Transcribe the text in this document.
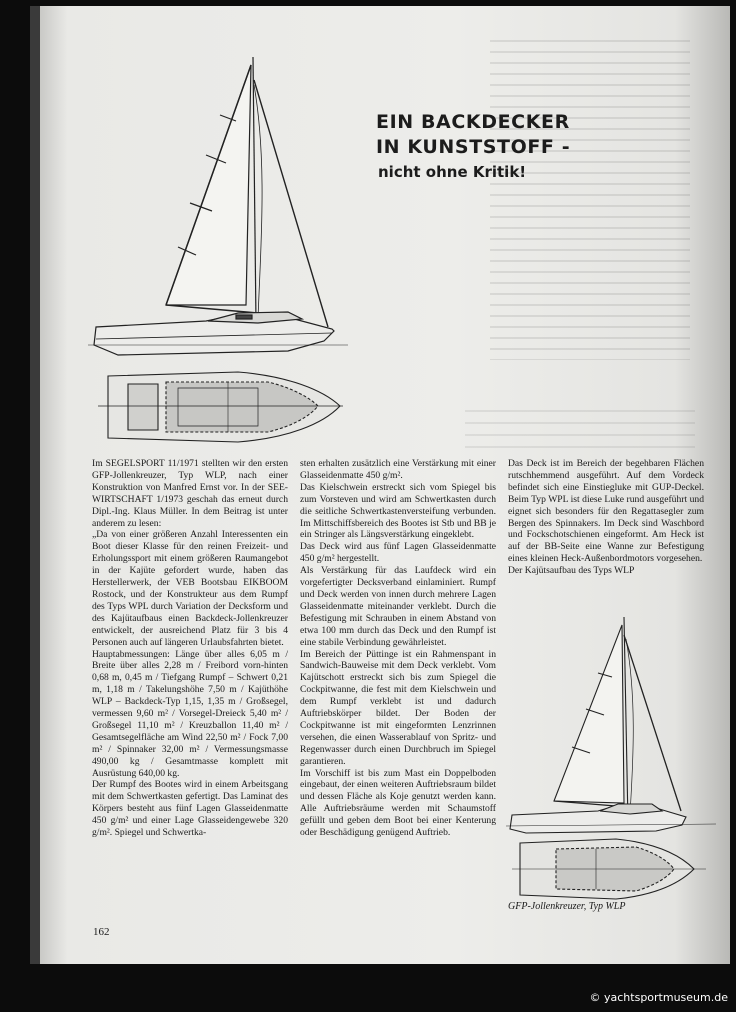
EIN BACKDECKER
IN KUNSTSTOFF -
nicht ohne Kritik!

Im SEGELSPORT 11/1971 stellten wir den ersten GFP-Jollenkreuzer, Typ WLP, nach einer Konstruktion von Manfred Ernst vor. In der SEE-WIRTSCHAFT 1/1973 geschah das erneut durch Dipl.-Ing. Klaus Müller. In dem Beitrag ist unter anderem zu lesen:

„Da von einer größeren Anzahl Interessenten ein Boot dieser Klasse für den reinen Freizeit- und Erholungssport mit einem größeren Raumangebot in der Kajüte gefordert wurde, haben das Herstellerwerk, der VEB Bootsbau EIKBOOM Rostock, und der Konstrukteur aus dem Rumpf des Typs WPL durch Variation der Decksform und des Kajütaufbaus einen Backdeck-Jollenkreuzer entwickelt, der ausreichend Platz für 3 bis 4 Personen auch auf längeren Urlaubsfahrten bietet.

Hauptabmessungen: Länge über alles 6,05 m / Breite über alles 2,28 m / Freibord vorn-hinten 0,68 m, 0,45 m / Tiefgang Rumpf – Schwert 0,21 m, 1,18 m / Takelungshöhe 7,50 m / Kajüthöhe WLP – Backdeck-Typ 1,15, 1,35 m / Großsegel, vermessen 9,60 m² / Vorsegel-Dreieck 5,40 m² / Großsegel 11,10 m² / Kreuzballon 11,40 m² / Gesamtsegelfläche am Wind 22,50 m² / Fock 7,00 m² / Spinnaker 32,00 m² / Vermessungsmasse 490,00 kg / Gesamtmasse komplett mit Ausrüstung 640,00 kg.

Der Rumpf des Bootes wird in einem Arbeitsgang mit dem Schwertkasten gefertigt. Das Laminat des Körpers besteht aus fünf Lagen Glasseidenmatte 450 g/m² und einer Lage Glasseidengewebe 320 g/m². Spiegel und Schwertka-

sten erhalten zusätzlich eine Verstärkung mit einer Glasseidenmatte 450 g/m².

Das Kielschwein erstreckt sich vom Spiegel bis zum Vorsteven und wird am Schwertkasten durch die seitliche Schwertkastenversteifung verbunden. Im Mittschiffsbereich des Bootes ist Stb und BB je ein Stringer als Längsverstärkung eingeklebt.

Das Deck wird aus fünf Lagen Glasseidenmatte 450 g/m² hergestellt.

Als Verstärkung für das Laufdeck wird ein vorgefertigter Decksverband einlaminiert. Rumpf und Deck werden von innen durch mehrere Lagen Glasseidenmatte miteinander verklebt. Durch die Befestigung mit Schrauben in einem Abstand von etwa 100 mm durch das Deck und den Rumpf ist eine stabile Verbindung gewährleistet.

Im Bereich der Püttinge ist ein Rahmenspant in Sandwich-Bauweise mit dem Deck verklebt. Vom Kajütschott erstreckt sich bis zum Spiegel die Cockpitwanne, die fest mit dem Kielschwein und dem Rumpf verklebt ist und dadurch Auftriebskörper bildet. Der Boden der Cockpitwanne ist mit eingeformten Lenzrinnen versehen, die einen Wasserablauf von Spritz- und Regenwasser durch einen Durchbruch im Spiegel garantieren.

Im Vorschiff ist bis zum Mast ein Doppelboden eingebaut, der einen weiteren Auftriebsraum bildet und dessen Fläche als Koje genutzt werden kann. Alle Auftriebsräume werden mit Schaumstoff gefüllt und geben dem Boot bei einer Kenterung oder Beschädigung genügend Auftrieb.

Das Deck ist im Bereich der begehbaren Flächen rutschhemmend ausgeführt. Auf dem Vordeck befindet sich eine Einstiegluke mit GUP-Deckel. Beim Typ WPL ist diese Luke rund ausgeführt und eignet sich besonders für den Regattasegler zum Bergen des Spinnakers. Im Deck sind Waschbord und Fockschotschienen eingeformt. Am Heck ist auf der BB-Seite eine Wanne zur Befestigung eines kleinen Heck-Außenbordmotors vorgesehen.

Der Kajütsaufbau des Typs WLP

GFP-Jollenkreuzer, Typ WLP
162
© yachtsportmuseum.de
